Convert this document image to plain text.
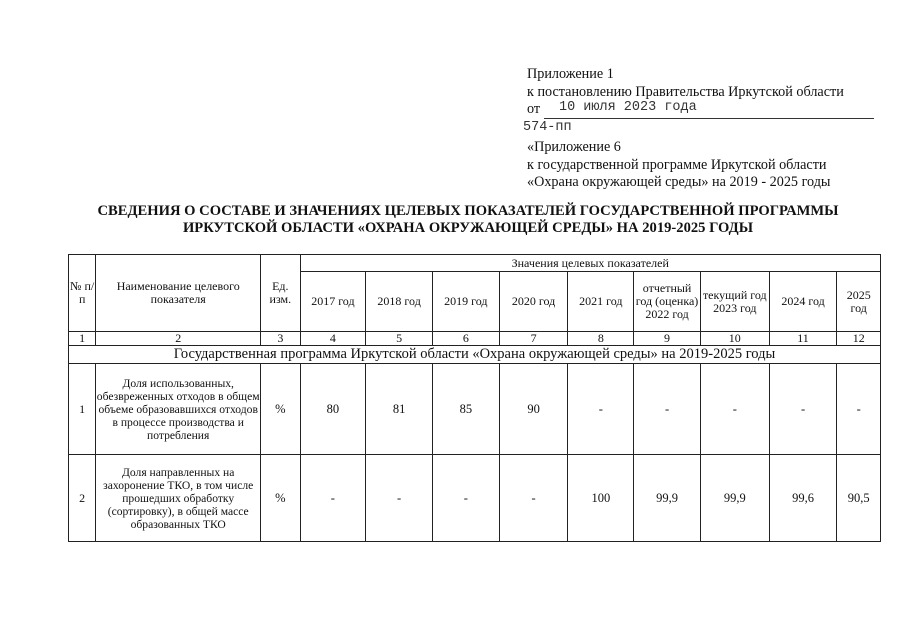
Приложение 1
к постановлению Правительства Иркутской области
от 10 июля 2023 года
574-пп
«Приложение 6
к государственной программе Иркутской области
«Охрана окружающей среды» на 2019 - 2025 годы
СВЕДЕНИЯ О СОСТАВЕ И ЗНАЧЕНИЯХ ЦЕЛЕВЫХ ПОКАЗАТЕЛЕЙ ГОСУДАРСТВЕННОЙ ПРОГРАММЫ
ИРКУТСКОЙ ОБЛАСТИ «ОХРАНА ОКРУЖАЮЩЕЙ СРЕДЫ» НА 2019-2025 ГОДЫ
№ п/п	Наименование целевого показателя	Ед. изм.	Значения целевых показателей								
			2017 год	2018 год	2019 год	2020 год	2021 год	отчетный год (оценка) 2022 год	текущий год 2023 год	2024 год	2025 год
1	2	3	4	5	6	7	8	9	10	11	12
Государственная программа Иркутской области «Охрана окружающей среды» на 2019-2025 годы											
1	Доля использованных, обезвреженных отходов в общем объеме образовавшихся отходов в процессе производства и потребления	%	80	81	85	90	-	-	-	-	-
2	Доля направленных на захоронение ТКО, в том числе прошедших обработку (сортировку), в общей массе образованных ТКО	%	-	-	-	-	100	99,9	99,9	99,6	90,5
